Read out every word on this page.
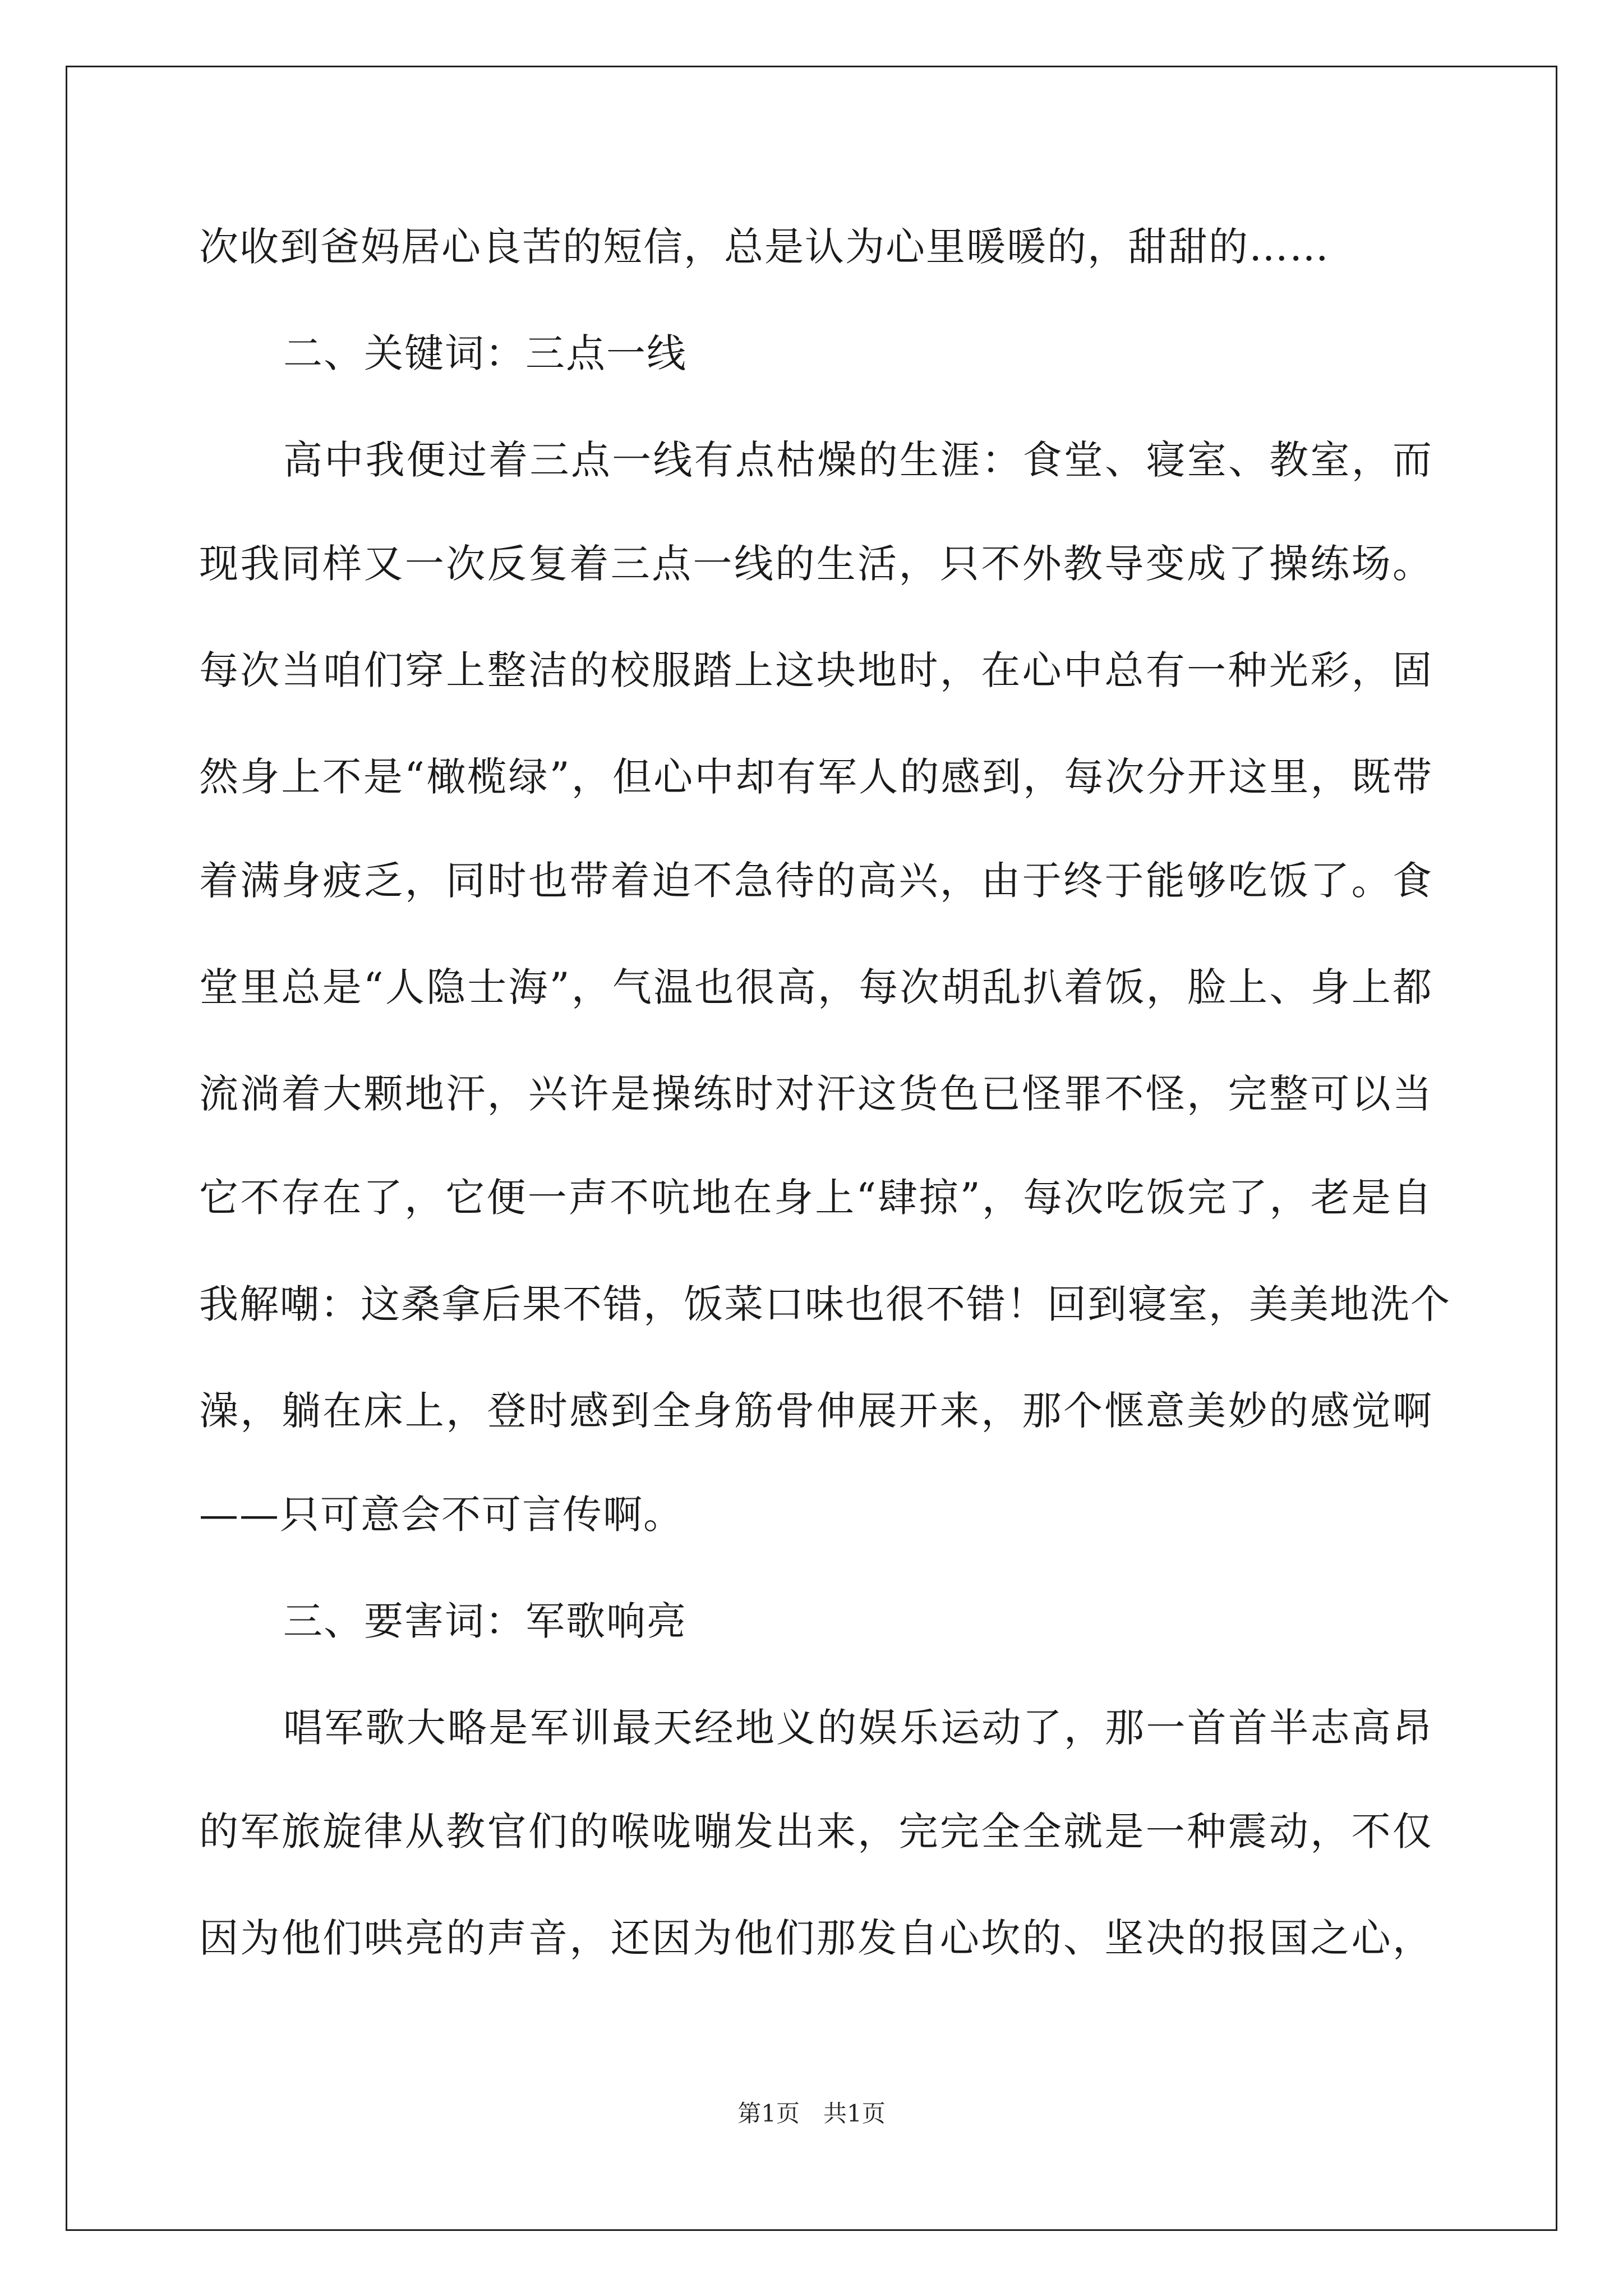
次收到爸妈居心良苦的短信，总是认为心里暖暖的，甜甜的……
二、关键词：三点一线
高中我便过着三点一线有点枯燥的生涯：食堂、寝室、教室，而
现我同样又一次反复着三点一线的生活，只不外教导变成了操练场。
每次当咱们穿上整洁的校服踏上这块地时，在心中总有一种光彩，固
然身上不是“橄榄绿”，但心中却有军人的感到，每次分开这里，既带
着满身疲乏，同时也带着迫不急待的高兴，由于终于能够吃饭了。食
堂里总是“人隐士海”，气温也很高，每次胡乱扒着饭，脸上、身上都
流淌着大颗地汗，兴许是操练时对汗这货色已怪罪不怪，完整可以当
它不存在了，它便一声不吭地在身上“肆掠”，每次吃饭完了，老是自
我解嘲：这桑拿后果不错，饭菜口味也很不错！回到寝室，美美地洗个
澡，躺在床上，登时感到全身筋骨伸展开来，那个惬意美妙的感觉啊
——只可意会不可言传啊。
三、要害词：军歌响亮
唱军歌大略是军训最天经地义的娱乐运动了，那一首首半志高昂
的军旅旋律从教官们的喉咙嘣发出来，完完全全就是一种震动，不仅
因为他们哄亮的声音，还因为他们那发自心坎的、坚决的报国之心，
第1页　共1页
